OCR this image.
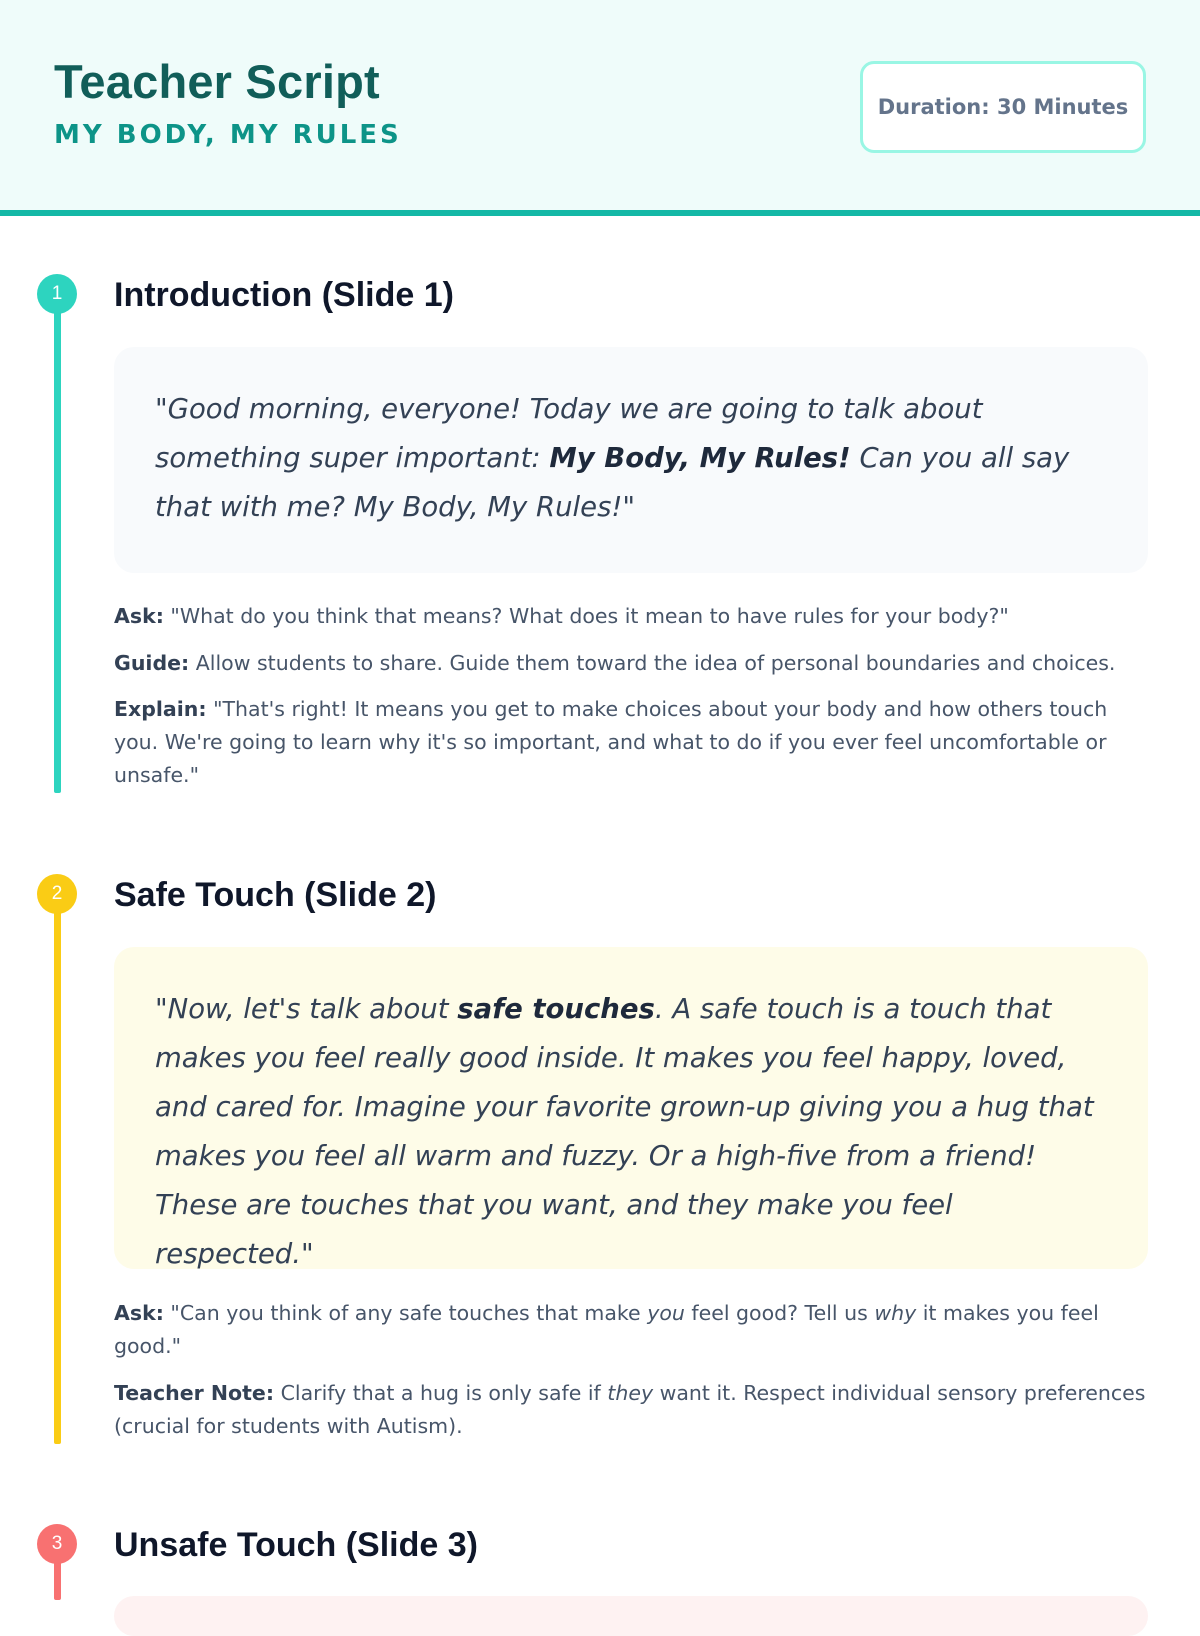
Teacher Script
MY BODY, MY RULES
Duration: 30 Minutes
1	Introduction (Slide 1)
"Good morning, everyone! Today we are going to talk about something super important: My Body, My Rules! Can you all say that with me? My Body, My Rules!"
Ask: "What do you think that means? What does it mean to have rules for your body?"
Guide: Allow students to share. Guide them toward the idea of personal boundaries and choices.
Explain: "That's right! It means you get to make choices about your body and how others touch you. We're going to learn why it's so important, and what to do if you ever feel uncomfortable or unsafe."
2	Safe Touch (Slide 2)
"Now, let's talk about safe touches. A safe touch is a touch that makes you feel really good inside. It makes you feel happy, loved, and cared for. Imagine your favorite grown-up giving you a hug that makes you feel all warm and fuzzy. Or a high-five from a friend! These are touches that you want, and they make you feel respected."
Ask: "Can you think of any safe touches that make you feel good? Tell us why it makes you feel good."
Teacher Note: Clarify that a hug is only safe if they want it. Respect individual sensory preferences (crucial for students with Autism).
3	Unsafe Touch (Slide 3)
